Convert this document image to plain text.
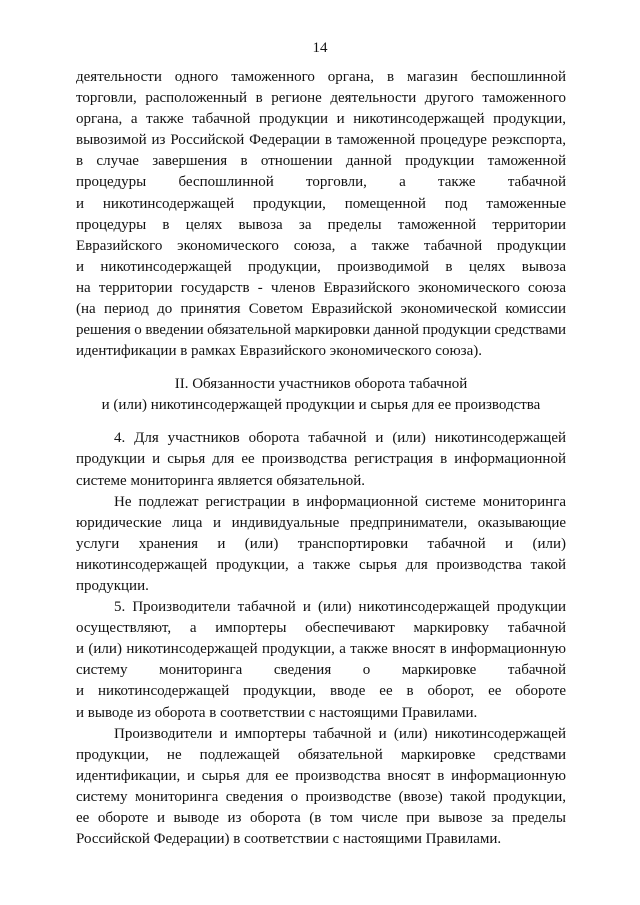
14

деятельности одного таможенного органа, в магазин беспошлинной
торговли, расположенный в регионе деятельности другого таможенного
органа, а также табачной продукции и никотинсодержащей продукции,
вывозимой из Российской Федерации в таможенной процедуре реэкспорта,
в случае завершения в отношении данной продукции таможенной
процедуры беспошлинной торговли, а также табачной
и никотинсодержащей продукции, помещенной под таможенные
процедуры в целях вывоза за пределы таможенной территории
Евразийского экономического союза, а также табачной продукции
и никотинсодержащей продукции, производимой в целях вывоза
на территории государств - членов Евразийского экономического союза
(на период до принятия Советом Евразийской экономической комиссии
решения о введении обязательной маркировки данной продукции средствами
идентификации в рамках Евразийского экономического союза).

II. Обязанности участников оборота табачной
и (или) никотинсодержащей продукции и сырья для ее производства

4. Для участников оборота табачной и (или) никотинсодержащей
продукции и сырья для ее производства регистрация в информационной
системе мониторинга является обязательной.

Не подлежат регистрации в информационной системе мониторинга
юридические лица и индивидуальные предприниматели, оказывающие
услуги хранения и (или) транспортировки табачной и (или)
никотинсодержащей продукции, а также сырья для производства такой
продукции.

5. Производители табачной и (или) никотинсодержащей продукции
осуществляют, а импортеры обеспечивают маркировку табачной
и (или) никотинсодержащей продукции, а также вносят в информационную
систему мониторинга сведения о маркировке табачной
и никотинсодержащей продукции, вводе ее в оборот, ее обороте
и выводе из оборота в соответствии с настоящими Правилами.

Производители и импортеры табачной и (или) никотинсодержащей
продукции, не подлежащей обязательной маркировке средствами
идентификации, и сырья для ее производства вносят в информационную
систему мониторинга сведения о производстве (ввозе) такой продукции,
ее обороте и выводе из оборота (в том числе при вывозе за пределы
Российской Федерации) в соответствии с настоящими Правилами.
